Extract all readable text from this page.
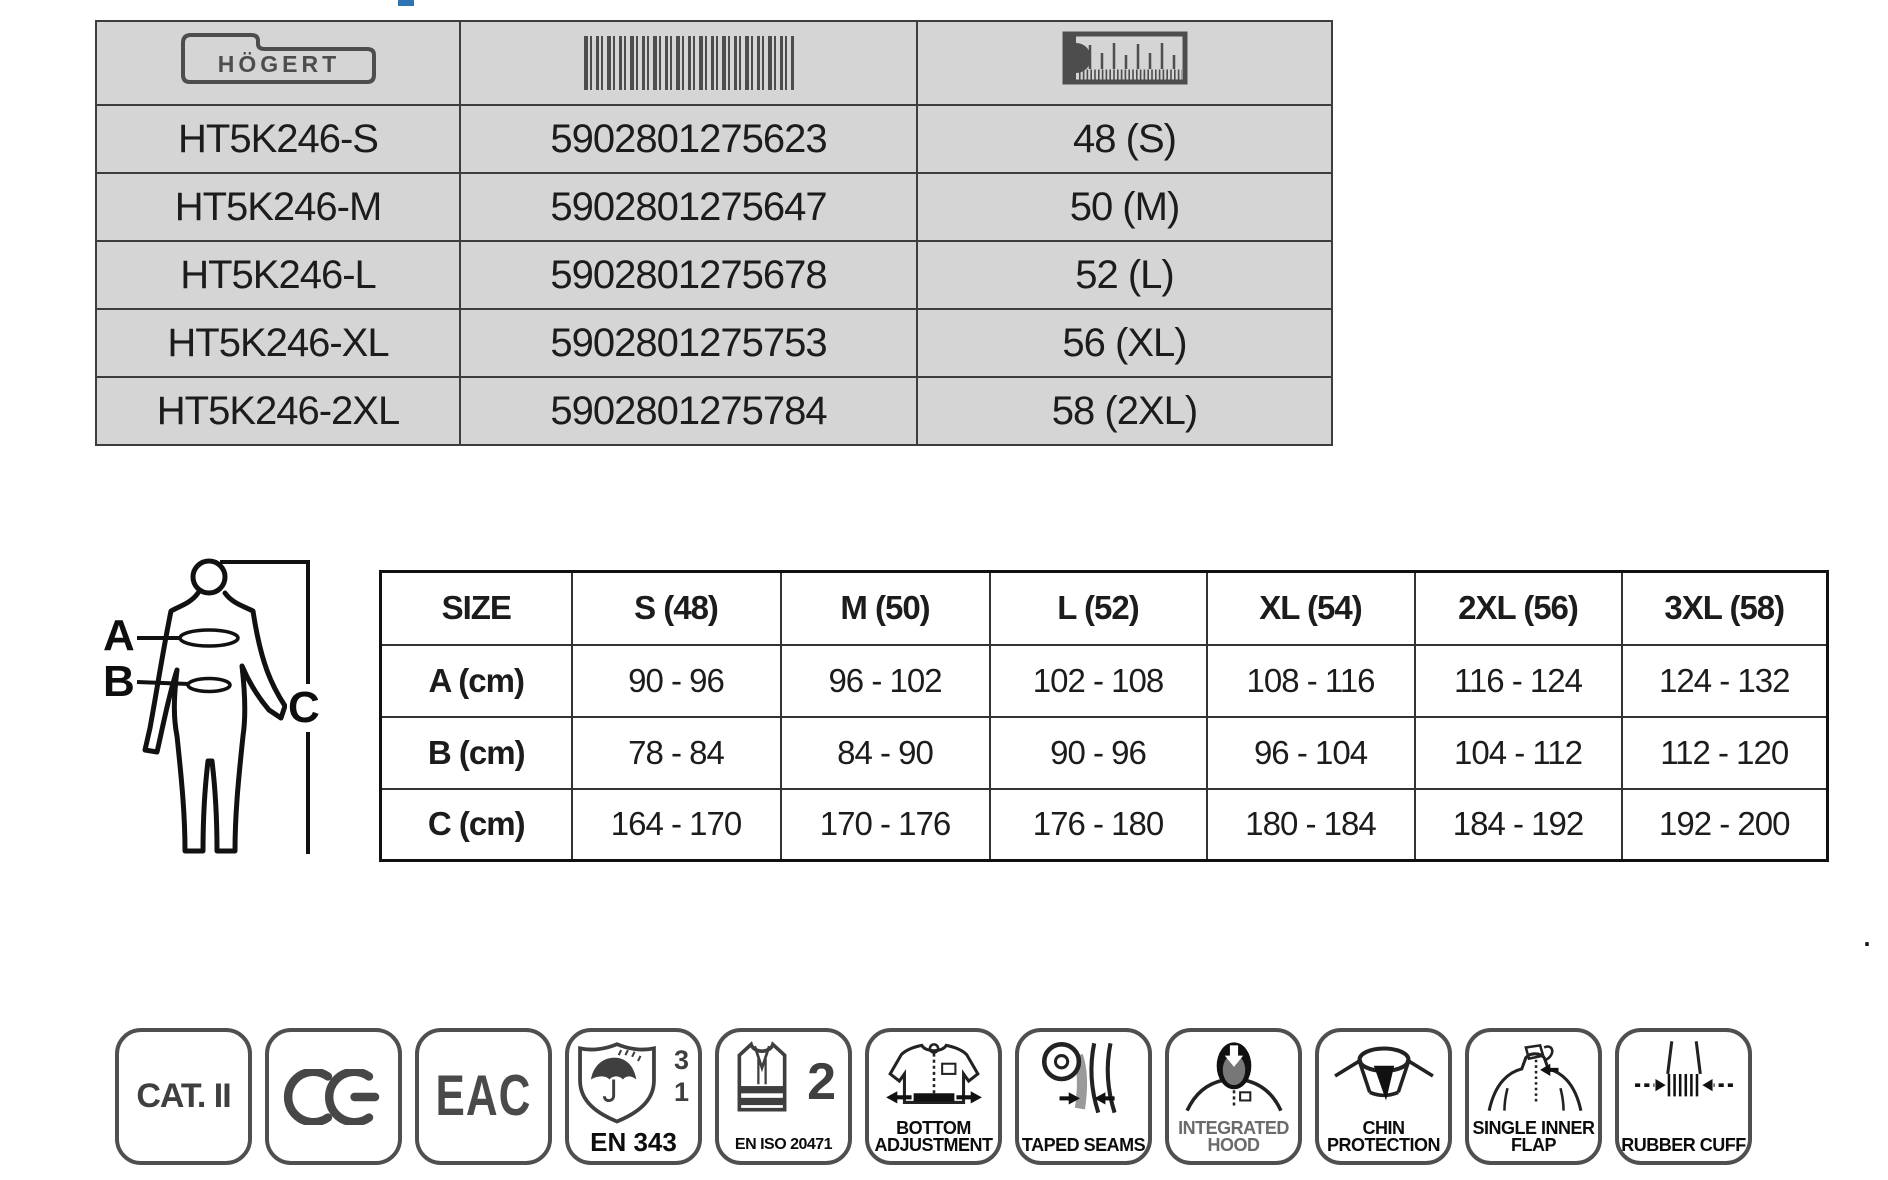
HÖGERT

HT5K246-S	5902801275623	48 (S)
HT5K246-M	5902801275647	50 (M)
HT5K246-L	5902801275678	52 (L)
HT5K246-XL	5902801275753	56 (XL)
HT5K246-2XL	5902801275784	58 (2XL)
A
B
C
SIZE	S (48)	M (50)	L (52)	XL (54)	2XL (56)	3XL (58)
A (cm)	90 - 96	96 - 102	102 - 108	108 - 116	116 - 124	124 - 132
B (cm)	78 - 84	84 - 90	90 - 96	96 - 104	104 - 112	112 - 120
C (cm)	164 - 170	170 - 176	176 - 180	180 - 184	184 - 192	192 - 200
.
CAT. II	EAC
3
1
EN 343
2
EN ISO 20471
BOTTOM ADJUSTMENT TAPED SEAMS
INTEGRATED HOOD
CHIN PROTECTION
SINGLE INNER FLAP	RUBBER CUFF
